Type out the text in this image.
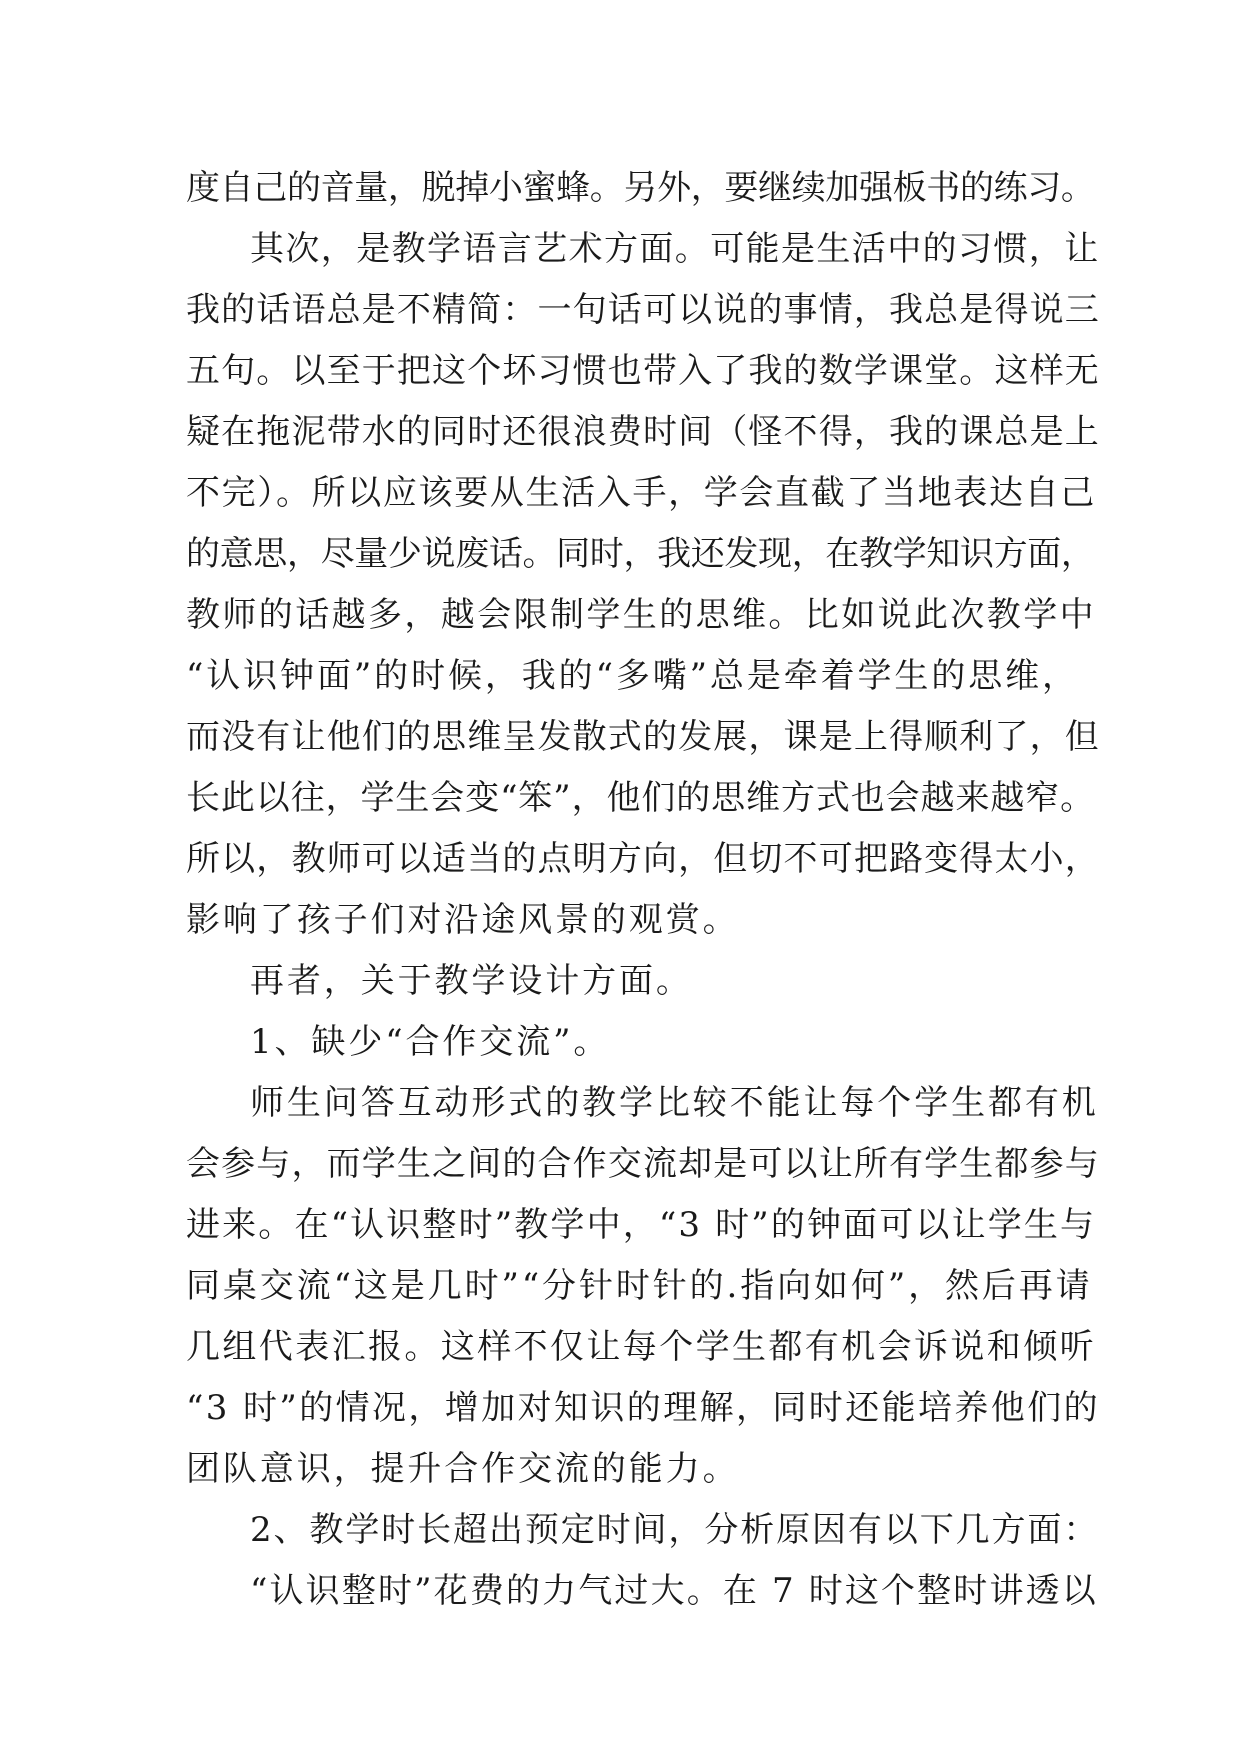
度自己的音量，脱掉小蜜蜂。另外，要继续加强板书的练习。
其次，是教学语言艺术方面。可能是生活中的习惯，让
我的话语总是不精简：一句话可以说的事情，我总是得说三
五句。以至于把这个坏习惯也带入了我的数学课堂。这样无
疑在拖泥带水的同时还很浪费时间（怪不得，我的课总是上
不完）。所以应该要从生活入手，学会直截了当地表达自己
的意思，尽量少说废话。同时，我还发现，在教学知识方面，
教师的话越多，越会限制学生的思维。比如说此次教学中
“认识钟面”的时候，我的“多嘴”总是牵着学生的思维，
而没有让他们的思维呈发散式的发展，课是上得顺利了，但
长此以往，学生会变“笨”，他们的思维方式也会越来越窄。
所以，教师可以适当的点明方向，但切不可把路变得太小，
影响了孩子们对沿途风景的观赏。
再者，关于教学设计方面。
1、缺少“合作交流”。
师生问答互动形式的教学比较不能让每个学生都有机
会参与，而学生之间的合作交流却是可以让所有学生都参与
进来。在“认识整时”教学中，“3 时”的钟面可以让学生与
同桌交流“这是几时”“分针时针的.指向如何”，然后再请
几组代表汇报。这样不仅让每个学生都有机会诉说和倾听
“3 时”的情况，增加对知识的理解，同时还能培养他们的
团队意识，提升合作交流的能力。
2、教学时长超出预定时间，分析原因有以下几方面：
“认识整时”花费的力气过大。在 7 时这个整时讲透以
